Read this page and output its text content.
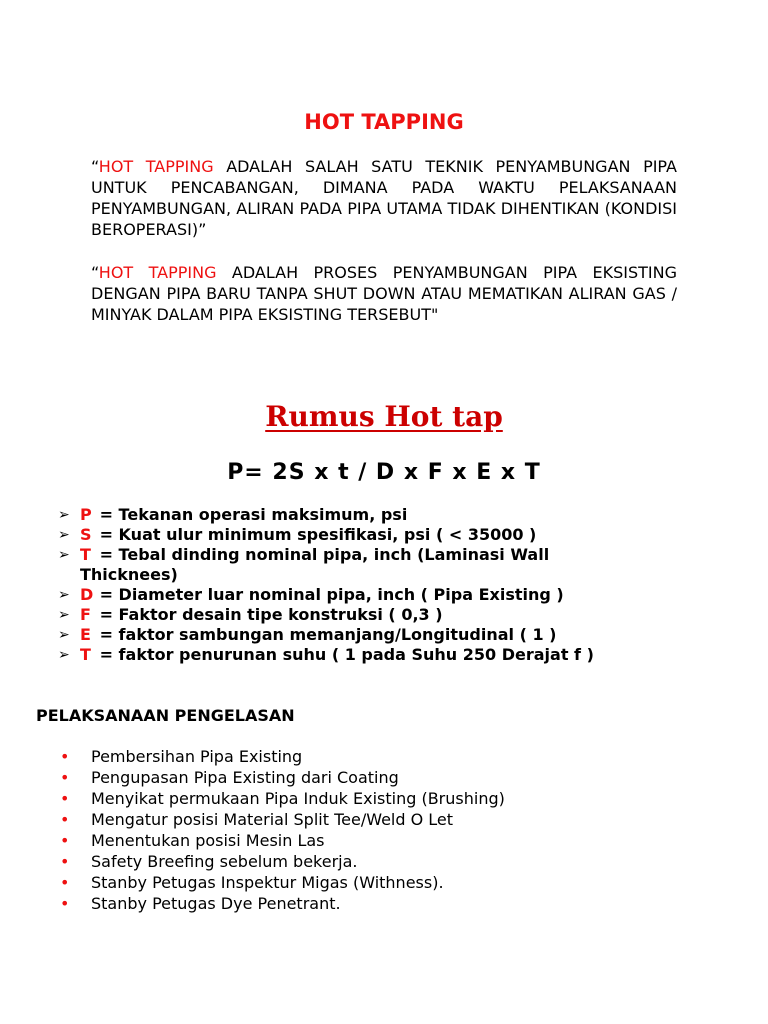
HOT TAPPING
“HOT TAPPING ADALAH SALAH SATU TEKNIK PENYAMBUNGAN PIPA UNTUK PENCABANGAN, DIMANA PADA WAKTU PELAKSANAAN PENYAMBUNGAN, ALIRAN PADA PIPA UTAMA TIDAK DIHENTIKAN (KONDISI BEROPERASI)”
“HOT TAPPING ADALAH PROSES PENYAMBUNGAN PIPA EKSISTING DENGAN PIPA BARU TANPA SHUT DOWN ATAU MEMATIKAN ALIRAN GAS / MINYAK DALAM PIPA EKSISTING TERSEBUT"
Rumus Hot tap
P= 2S x t / D x F x E x T
➢ P = Tekanan operasi maksimum, psi
➢ S = Kuat ulur minimum spesifikasi, psi ( < 35000 )
➢ T = Tebal dinding nominal pipa, inch (Laminasi Wall
Thicknees)
➢ D = Diameter luar nominal pipa, inch ( Pipa Existing )
➢ F = Faktor desain tipe konstruksi ( 0,3 )
➢ E = faktor sambungan memanjang/Longitudinal ( 1 )
➢ T = faktor penurunan suhu ( 1 pada Suhu 250 Derajat f )
PELAKSANAAN PENGELASAN
• Pembersihan Pipa Existing
• Pengupasan Pipa Existing dari Coating
• Menyikat permukaan Pipa Induk Existing (Brushing)
• Mengatur posisi Material Split Tee/Weld O Let
• Menentukan posisi Mesin Las
• Safety Breefing sebelum bekerja.
• Stanby Petugas Inspektur Migas (Withness).
• Stanby Petugas Dye Penetrant.
